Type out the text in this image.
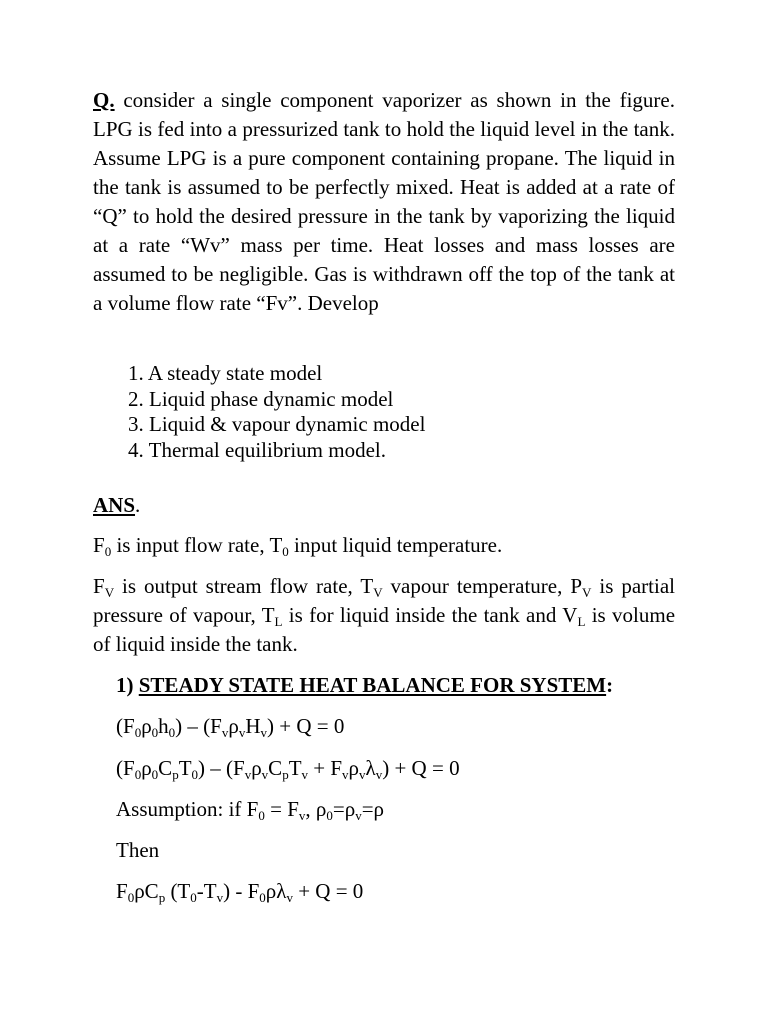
Q. consider a single component vaporizer as shown in the figure. LPG is fed into a pressurized tank to hold the liquid level in the tank. Assume LPG is a pure component containing propane. The liquid in the tank is assumed to be perfectly mixed. Heat is added at a rate of “Q” to hold the desired pressure in the tank by vaporizing the liquid at a rate “Wv” mass per time. Heat losses and mass losses are assumed to be negligible. Gas is withdrawn off the top of the tank at a volume flow rate “Fv”. Develop

1. A steady state model
2. Liquid phase dynamic model
3. Liquid & vapour dynamic model
4. Thermal equilibrium model.
ANS.

$F_0$ is input flow rate, $T_0$ input liquid temperature.

$F_V$ is output stream flow rate, $T_V$ vapour temperature, $P_V$ is partial pressure of vapour, $T_L$ is for liquid inside the tank and $V_L$ is volume of liquid inside the tank.

1) STEADY STATE HEAT BALANCE FOR SYSTEM:
$(F_0\rho_0h_0) - (F_v\rho_vH_v) + Q = 0$
$(F_0\rho_0C_pT_0) - (F_v\rho_vC_pT_v + F_v\rho_v\lambda_v) + Q = 0$
Assumption: if $F_0 = F_v$, $\rho_0=\rho_v=\rho$
Then
$F_0\rho C_p$ $(T_0-T_v) - F_0\rho\lambda_v + Q = 0$
